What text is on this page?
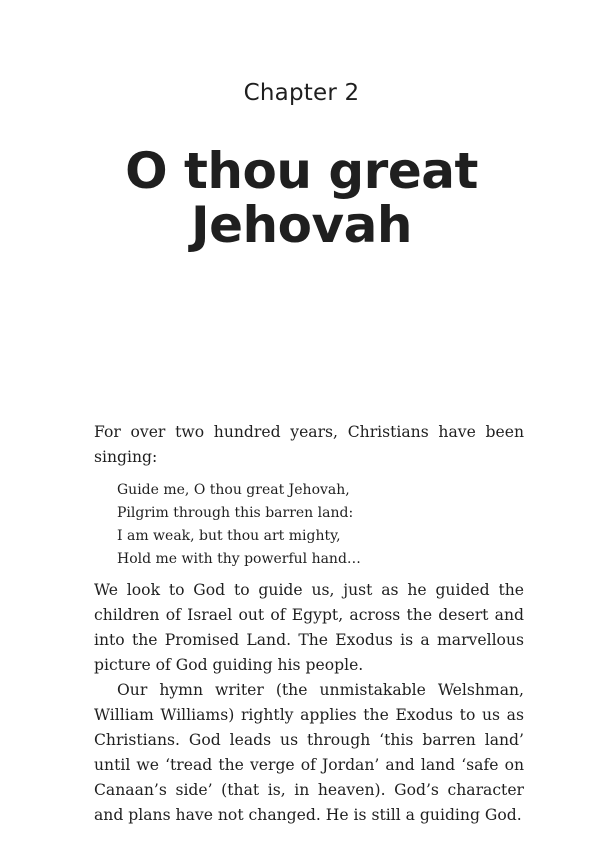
Chapter 2
O thou great
Jehovah

For over two hundred years, Christians have been singing:

Guide me, O thou great Jehovah,
Pilgrim through this barren land:
I am weak, but thou art mighty,
Hold me with thy powerful hand…

We look to God to guide us, just as he guided the children of Israel out of Egypt, across the desert and into the Promised Land. The Exodus is a marvellous picture of God guiding his people.

Our hymn writer (the unmistakable Welshman, William Williams) rightly applies the Exodus to us as Christians. God leads us through ‘this barren land’ until we ‘tread the verge of Jordan’ and land ‘safe on Canaan’s side’ (that is, in heaven). God’s character and plans have not changed. He is still a guiding God.
